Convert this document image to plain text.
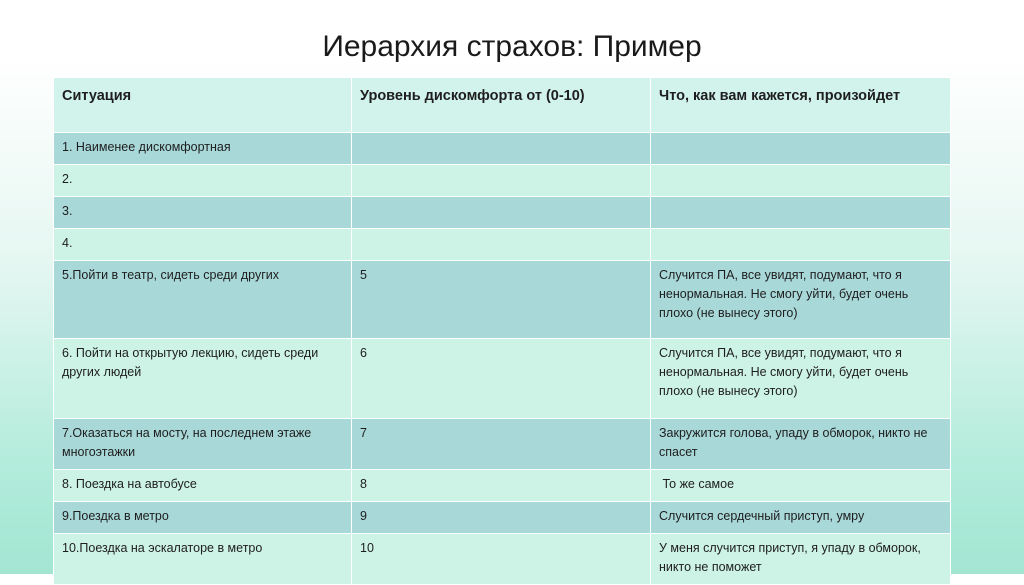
Иерархия страхов: Пример
Ситуация	Уровень дискомфорта от (0-10)	Что, как вам кажется, произойдет
1. Наименее дискомфортная		
2.		
3.		
4.		
5.Пойти в театр, сидеть среди других	5	Случится ПА, все увидят, подумают, что я ненормальная. Не смогу уйти, будет очень плохо (не вынесу этого)
6. Пойти на открытую лекцию, сидеть среди других людей	6	Случится ПА, все увидят, подумают, что я ненормальная. Не смогу уйти, будет очень плохо (не вынесу этого)
7.Оказаться на мосту, на последнем этаже многоэтажки	7	Закружится голова, упаду в обморок, никто не спасет
8. Поездка на автобусе	8	То же самое
9.Поездка в метро	9	Случится сердечный приступ, умру
10.Поездка на эскалаторе в метро	10	У меня случится приступ, я упаду в обморок, никто не поможет
